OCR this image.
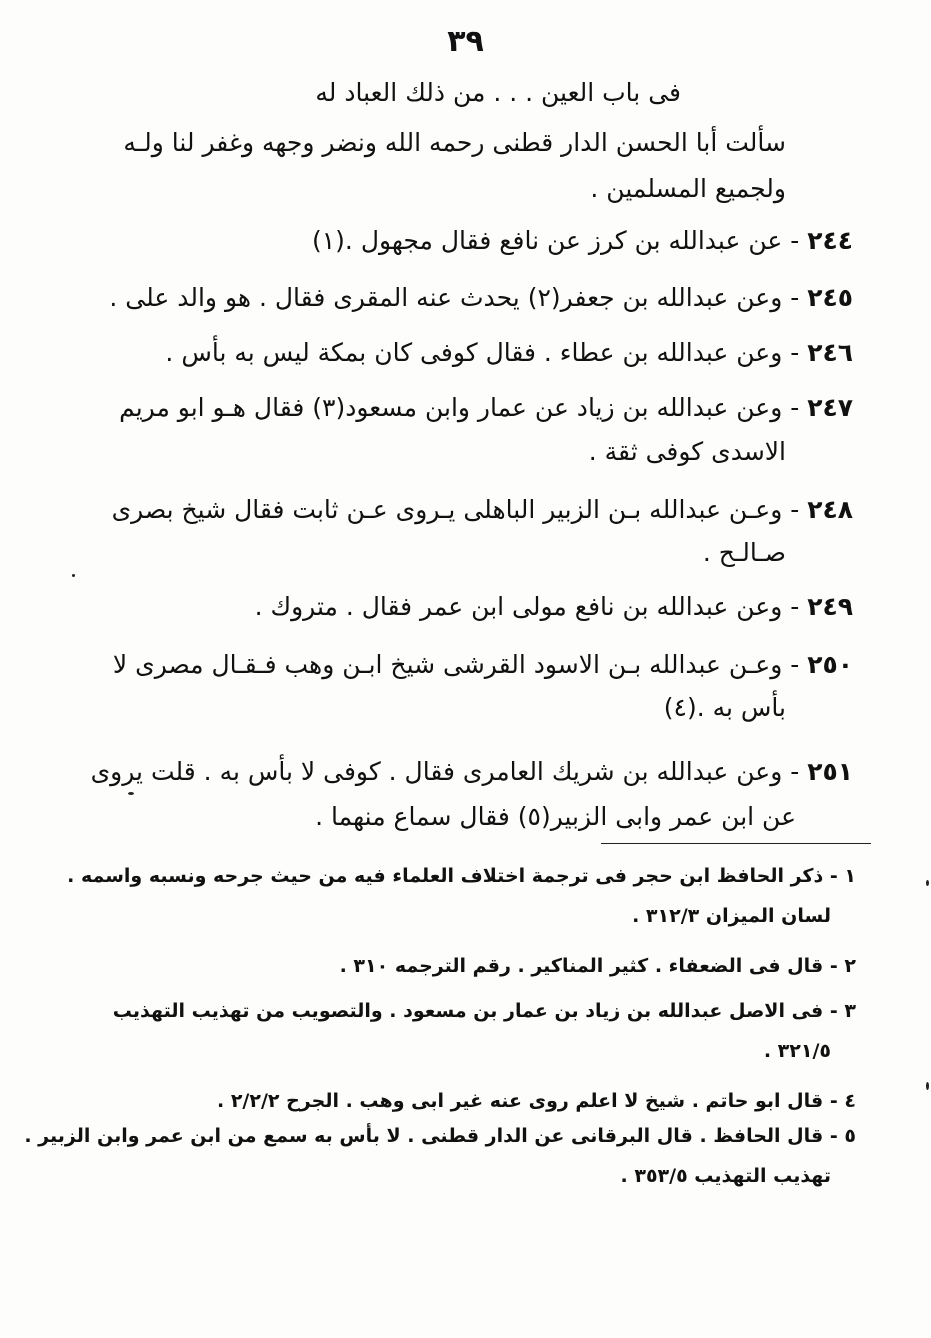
٣٩
فى باب العين . . . من ذلك العباد له
سألت أبا الحسن الدار قطنى رحمه الله ونضر وجهه وغفر لنا ولـه
ولجميع المسلمين .
٢٤٤ - عن عبدالله بن كرز عن نافع فقال مجهول .(١)
٢٤٥ - وعن عبدالله بن جعفر(٢) يحدث عنه المقرى فقال . هو والد على .
٢٤٦ - وعن عبدالله بن عطاء . فقال كوفى كان بمكة ليس به بأس .
٢٤٧ - وعن عبدالله بن زياد عن عمار وابن مسعود(٣) فقال هـو ابو مريم
الاسدى كوفى ثقة .
٢٤٨ - وعـن عبدالله بـن الزبير الباهلى يـروى عـن ثابت فقال شيخ بصرى
صـالـح .
٢٤٩ - وعن عبدالله بن نافع مولى ابن عمر فقال . متروك .
٢٥٠ - وعـن عبدالله بـن الاسود القرشى شيخ ابـن وهب فـقـال مصرى لا
بأس به .(٤)
٢٥١ - وعن عبدالله بن شريك العامرى فقال . كوفى لا بأس به . قلت يروى
عن ابن عمر وابى الزبير(٥) فقال سماع منهما .
١ - ذكر الحافظ ابن حجر فى ترجمة اختلاف العلماء فيه من حيث جرحه ونسبه واسمه .
لسان الميزان ٣١٢/٣ .
٢ - قال فى الضعفاء . كثير المناكير . رقم الترجمه ٣١٠ .
٣ - فى الاصل عبدالله بن زياد بن عمار بن مسعود . والتصويب من تهذيب التهذيب
٣٢١/٥ .
٤ - قال ابو حاتم . شيخ لا اعلم روى عنه غير ابى وهب . الجرح ٢/٢/٢ .
٥ - قال الحافظ . قال البرقانى عن الدار قطنى . لا بأس به سمع من ابن عمر وابن الزبير .
تهذيب التهذيب ٣٥٣/٥ .
